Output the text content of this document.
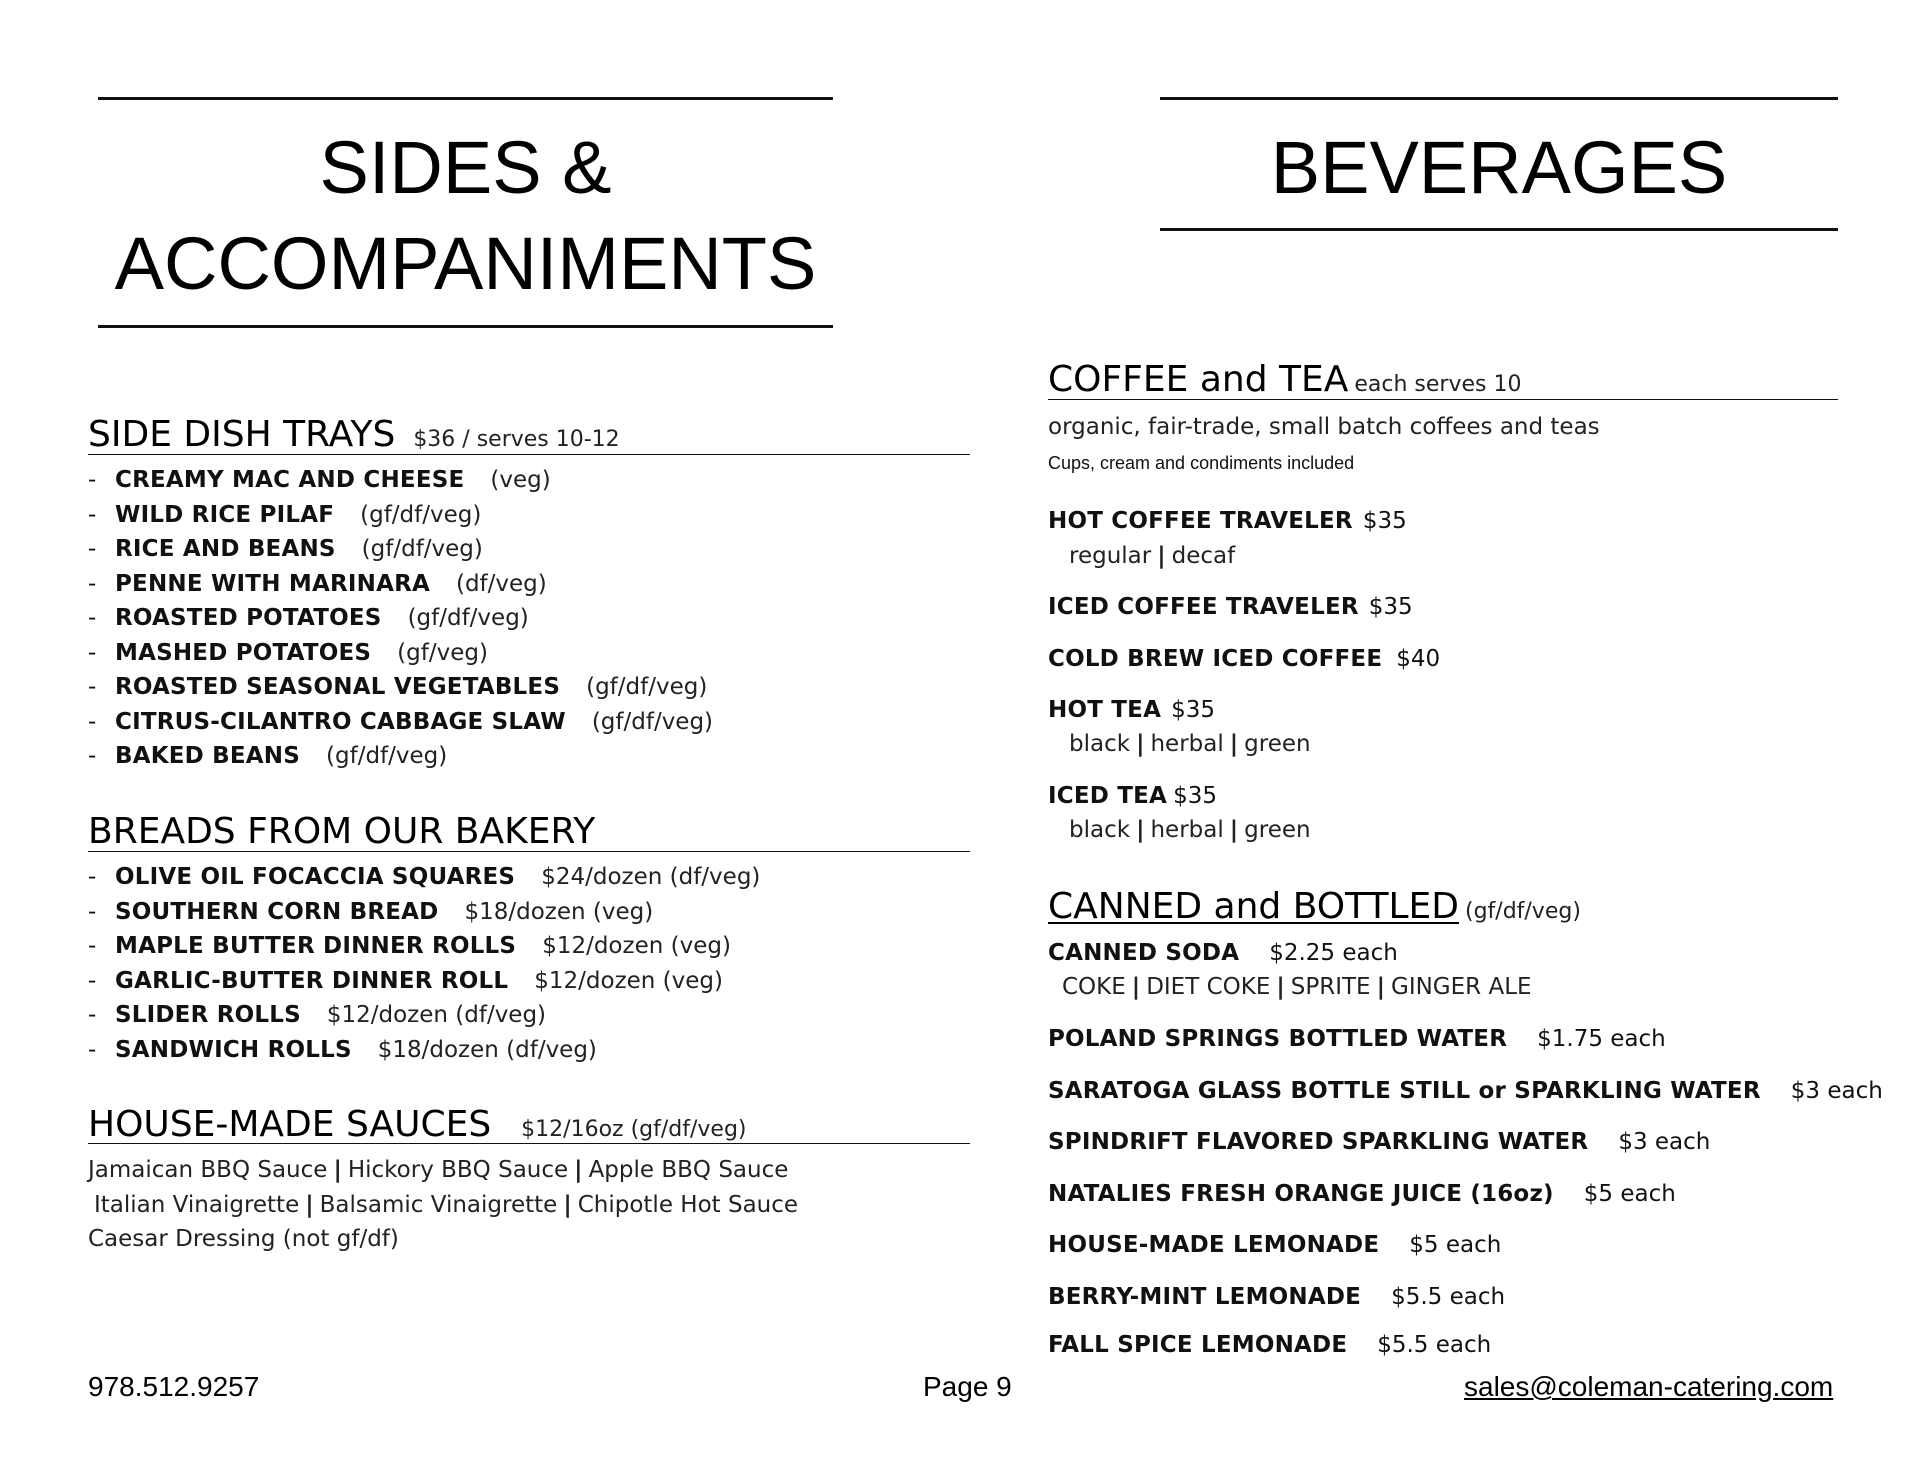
SIDES &
ACCOMPANIMENTS
SIDE DISH TRAYS $36 / serves 10-12
- CREAMY MAC AND CHEESE (veg)
- WILD RICE PILAF (gf/df/veg)
- RICE AND BEANS (gf/df/veg)
- PENNE WITH MARINARA (df/veg)
- ROASTED POTATOES (gf/df/veg)
- MASHED POTATOES (gf/veg)
- ROASTED SEASONAL VEGETABLES (gf/df/veg)
- CITRUS-CILANTRO CABBAGE SLAW (gf/df/veg)
- BAKED BEANS (gf/df/veg)
BREADS FROM OUR BAKERY
- OLIVE OIL FOCACCIA SQUARES $24/dozen (df/veg)
- SOUTHERN CORN BREAD $18/dozen (veg)
- MAPLE BUTTER DINNER ROLLS $12/dozen (veg)
- GARLIC-BUTTER DINNER ROLL $12/dozen (veg)
- SLIDER ROLLS $12/dozen (df/veg)
- SANDWICH ROLLS $18/dozen (df/veg)
HOUSE-MADE SAUCES $12/16oz (gf/df/veg)
Jamaican BBQ Sauce | Hickory BBQ Sauce | Apple BBQ Sauce
Italian Vinaigrette | Balsamic Vinaigrette | Chipotle Hot Sauce
Caesar Dressing (not gf/df)
BEVERAGES
COFFEE and TEA each serves 10
organic, fair-trade, small batch coffees and teas
Cups, cream and condiments included
HOT COFFEE TRAVELER $35
regular | decaf
ICED COFFEE TRAVELER $35
COLD BREW ICED COFFEE $40
HOT TEA $35
black | herbal | green
ICED TEA $35
black | herbal | green
CANNED and BOTTLED (gf/df/veg)
CANNED SODA $2.25 each
COKE | DIET COKE | SPRITE | GINGER ALE
POLAND SPRINGS BOTTLED WATER $1.75 each
SARATOGA GLASS BOTTLE STILL or SPARKLING WATER $3 each
SPINDRIFT FLAVORED SPARKLING WATER $3 each
NATALIES FRESH ORANGE JUICE (16oz) $5 each
HOUSE-MADE LEMONADE $5 each
BERRY-MINT LEMONADE $5.5 each
FALL SPICE LEMONADE $5.5 each
978.512.9257	Page 9	sales@coleman-catering.com
